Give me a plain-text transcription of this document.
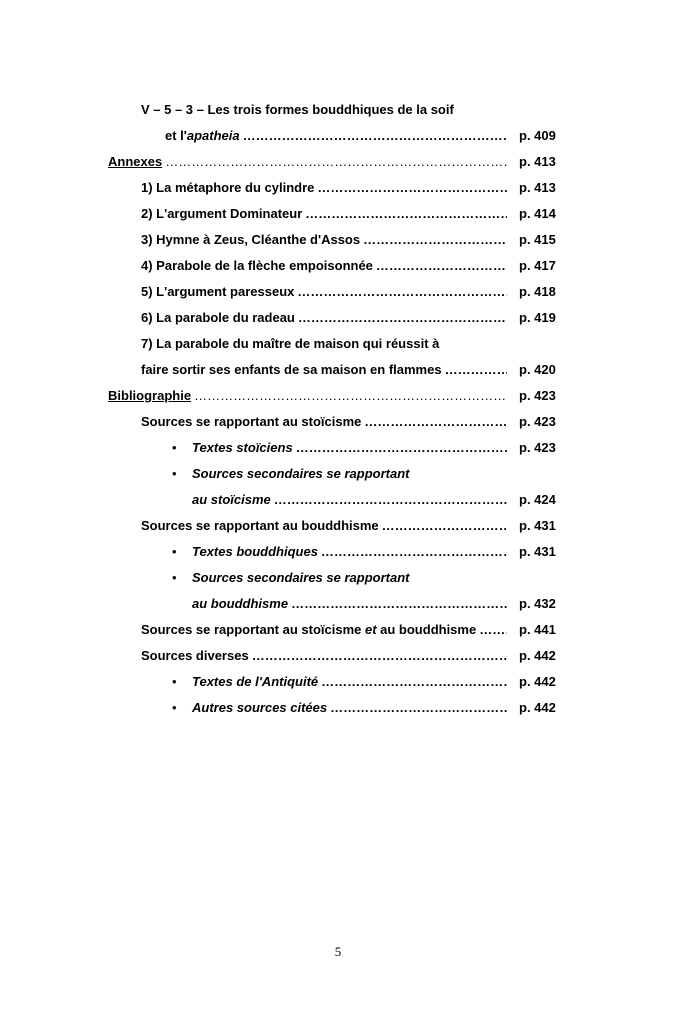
V – 5 – 3 – Les trois formes bouddhiques de la soif
et l'apatheia …………………………………………………………………………………………………………………………………………………………………………………………	p. 409
Annexes …………………………………………………………………………………………………………………………………………………………………………………………	p. 413
1) La métaphore du cylindre …………………………………………………………………………………………………………………………………………………………………………………………	p. 413
2) L'argument Dominateur …………………………………………………………………………………………………………………………………………………………………………………………	p. 414
3) Hymne à Zeus, Cléanthe d'Assos …………………………………………………………………………………………………………………………………………………………………………………………	p. 415
4) Parabole de la flèche empoisonnée …………………………………………………………………………………………………………………………………………………………………………………………	p. 417
5) L'argument paresseux …………………………………………………………………………………………………………………………………………………………………………………………	p. 418
6) La parabole du radeau …………………………………………………………………………………………………………………………………………………………………………………………	p. 419
7) La parabole du maître de maison qui réussit à
faire sortir ses enfants de sa maison en flammes …………………………………………………………………………………………………………………………………………………………………………………………	p. 420
Bibliographie …………………………………………………………………………………………………………………………………………………………………………………………	p. 423
Sources se rapportant au stoïcisme …………………………………………………………………………………………………………………………………………………………………………………………	p. 423
• Textes stoïciens …………………………………………………………………………………………………………………………………………………………………………………………	p. 423
• Sources secondaires se rapportant
au stoïcisme …………………………………………………………………………………………………………………………………………………………………………………………	p. 424
Sources se rapportant au bouddhisme …………………………………………………………………………………………………………………………………………………………………………………………	p. 431
• Textes bouddhiques …………………………………………………………………………………………………………………………………………………………………………………………	p. 431
• Sources secondaires se rapportant
au bouddhisme …………………………………………………………………………………………………………………………………………………………………………………………	p. 432
Sources se rapportant au stoïcisme et au bouddhisme …………………………………………………………………………………………………………………………………………………………………………………………	p. 441
Sources diverses …………………………………………………………………………………………………………………………………………………………………………………………	p. 442
• Textes de l'Antiquité …………………………………………………………………………………………………………………………………………………………………………………………	p. 442
• Autres sources citées …………………………………………………………………………………………………………………………………………………………………………………………	p. 442
5
